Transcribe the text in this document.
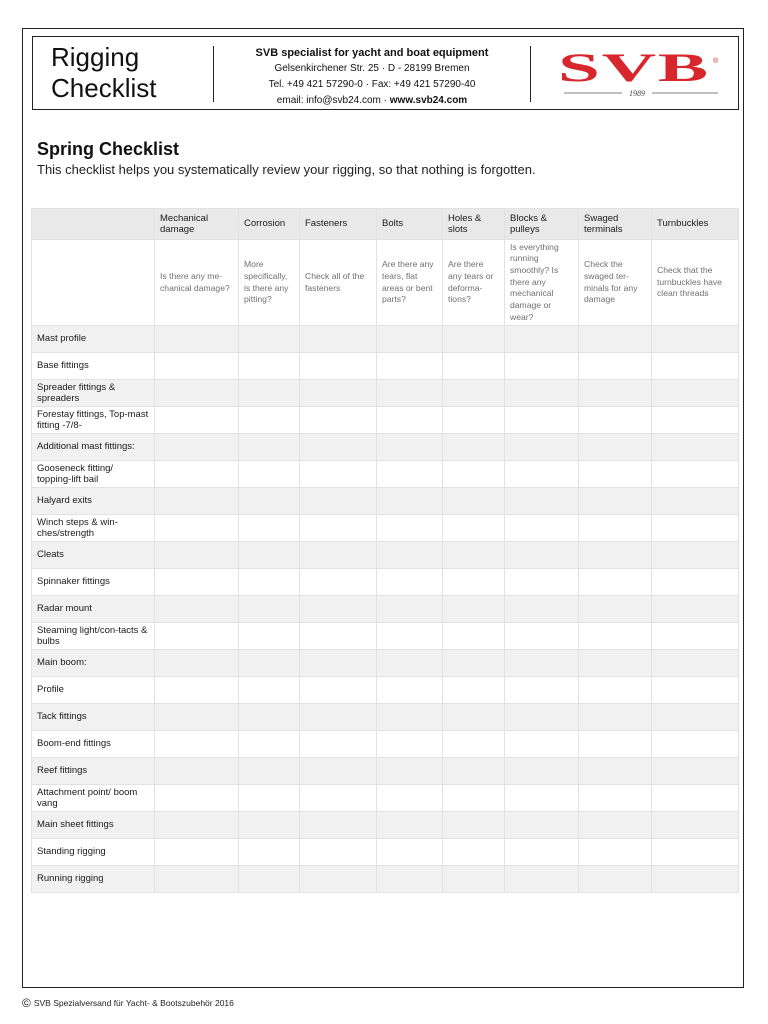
Rigging
Checklist
SVB specialist for yacht and boat equipment
Gelsenkirchener Str. 25 · D - 28199 Bremen
Tel. +49 421 57290-0 · Fax: +49 421 57290-40
email: info@svb24.com · www.svb24.com
SVB ®
1989
Spring Checklist
This checklist helps you systematically review your rigging, so that nothing is forgotten.
	Mechanical damage	Corrosion	Fasteners	Bolts	Holes & slots	Blocks & pulleys	Swaged terminals	Turnbuckles
	Is there any me-chanical damage?	More specifically, is there any pitting?	Check all of the fasteners	Are there any tears, flat areas or bent parts?	Are there any tears or deforma-tions?	Is everything running smoothly? Is there any mechanical damage or wear?	Check the swaged ter-minals for any damage	Check that the turnbuckles have clean threads
Mast profile								
Base fittings								
Spreader fittings & spreaders								
Forestay fittings, Top-mast fitting -7/8-								
Additional mast fittings:								
Gooseneck fitting/ topping-lift bail								
Halyard exits								
Winch steps & win-ches/strength								
Cleats								
Spinnaker fittings								
Radar mount								
Steaming light/con-tacts & bulbs								
Main boom:								
Profile								
Tack fittings								
Boom-end fittings								
Reef fittings								
Attachment point/ boom vang								
Main sheet fittings								
Standing rigging								
Running rigging								
© SVB Spezialversand für Yacht- & Bootszubehör 2016
